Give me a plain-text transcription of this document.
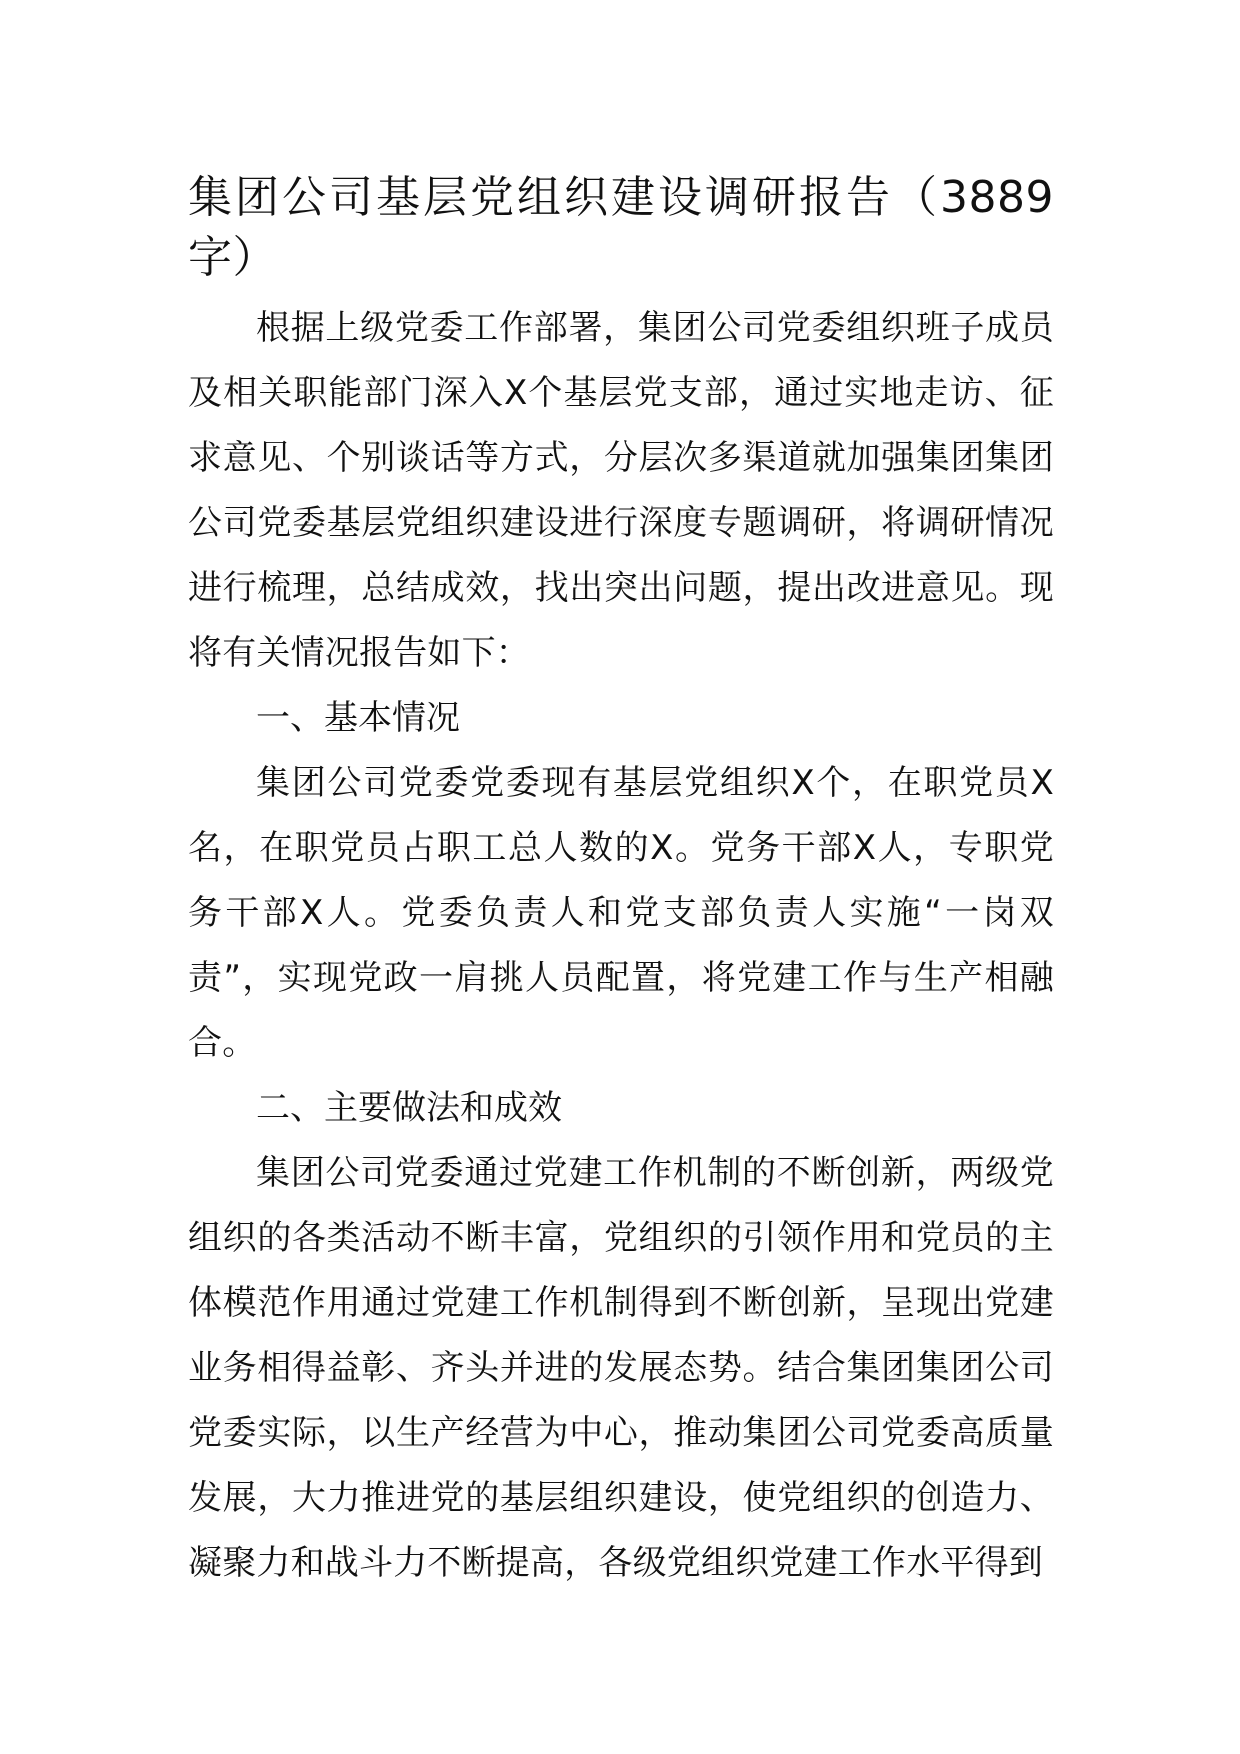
集团公司基层党组织建设调研报告（3889字）

根据上级党委工作部署，集团公司党委组织班子成员及相关职能部门深入X个基层党支部，通过实地走访、征求意见、个别谈话等方式，分层次多渠道就加强集团集团公司党委基层党组织建设进行深度专题调研，将调研情况进行梳理，总结成效，找出突出问题，提出改进意见。现将有关情况报告如下：

一、基本情况

集团公司党委党委现有基层党组织X个，在职党员X名，在职党员占职工总人数的X。党务干部X人，专职党务干部X人。党委负责人和党支部负责人实施“一岗双责”，实现党政一肩挑人员配置，将党建工作与生产相融合。

二、主要做法和成效

集团公司党委通过党建工作机制的不断创新，两级党组织的各类活动不断丰富，党组织的引领作用和党员的主体模范作用通过党建工作机制得到不断创新，呈现出党建业务相得益彰、齐头并进的发展态势。结合集团集团公司党委实际，以生产经营为中心，推动集团公司党委高质量发展，大力推进党的基层组织建设，使党组织的创造力、凝聚力和战斗力不断提高，各级党组织党建工作水平得到
